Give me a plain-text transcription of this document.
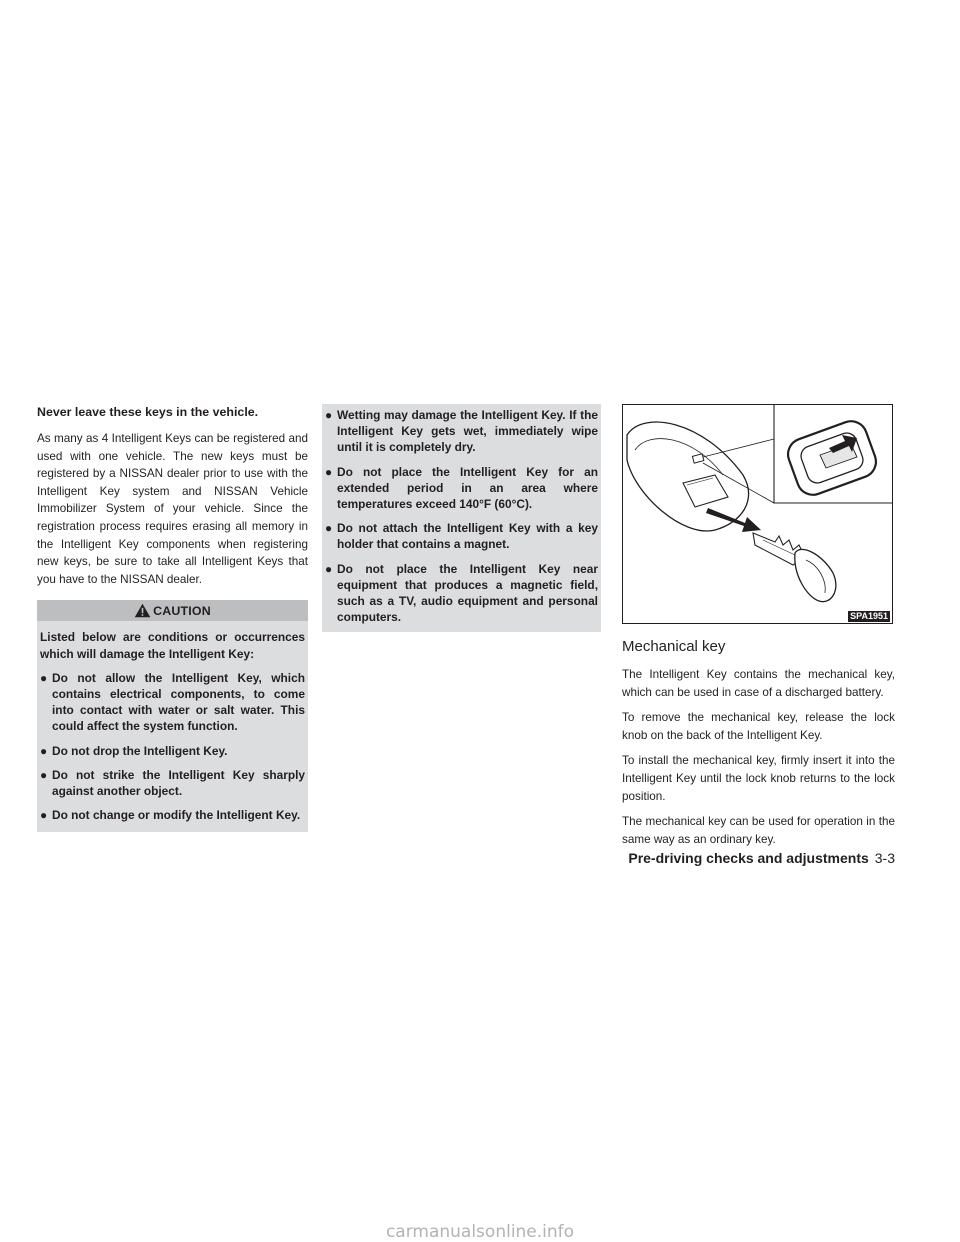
Never leave these keys in the vehicle.

As many as 4 Intelligent Keys can be registered and used with one vehicle. The new keys must be registered by a NISSAN dealer prior to use with the Intelligent Key system and NISSAN Vehicle Immobilizer System of your vehicle. Since the registration process requires erasing all memory in the Intelligent Key components when registering new keys, be sure to take all Intelligent Keys that you have to the NISSAN dealer.

CAUTION
Listed below are conditions or occurrences which will damage the Intelligent Key:
● Do not allow the Intelligent Key, which contains electrical components, to come into contact with water or salt water. This could affect the system function.
● Do not drop the Intelligent Key.
● Do not strike the Intelligent Key sharply against another object.
● Do not change or modify the Intelligent Key.
● Wetting may damage the Intelligent Key. If the Intelligent Key gets wet, immediately wipe until it is completely dry.
● Do not place the Intelligent Key for an extended period in an area where temperatures exceed 140°F (60°C).
● Do not attach the Intelligent Key with a key holder that contains a magnet.
● Do not place the Intelligent Key near equipment that produces a magnetic field, such as a TV, audio equipment and personal computers.	SPA1951
Mechanical key

The Intelligent Key contains the mechanical key, which can be used in case of a discharged battery.

To remove the mechanical key, release the lock knob on the back of the Intelligent Key.

To install the mechanical key, firmly insert it into the Intelligent Key until the lock knob returns to the lock position.

The mechanical key can be used for operation in the same way as an ordinary key.

Pre-driving checks and adjustments 3-3
carmanualsonline.info
